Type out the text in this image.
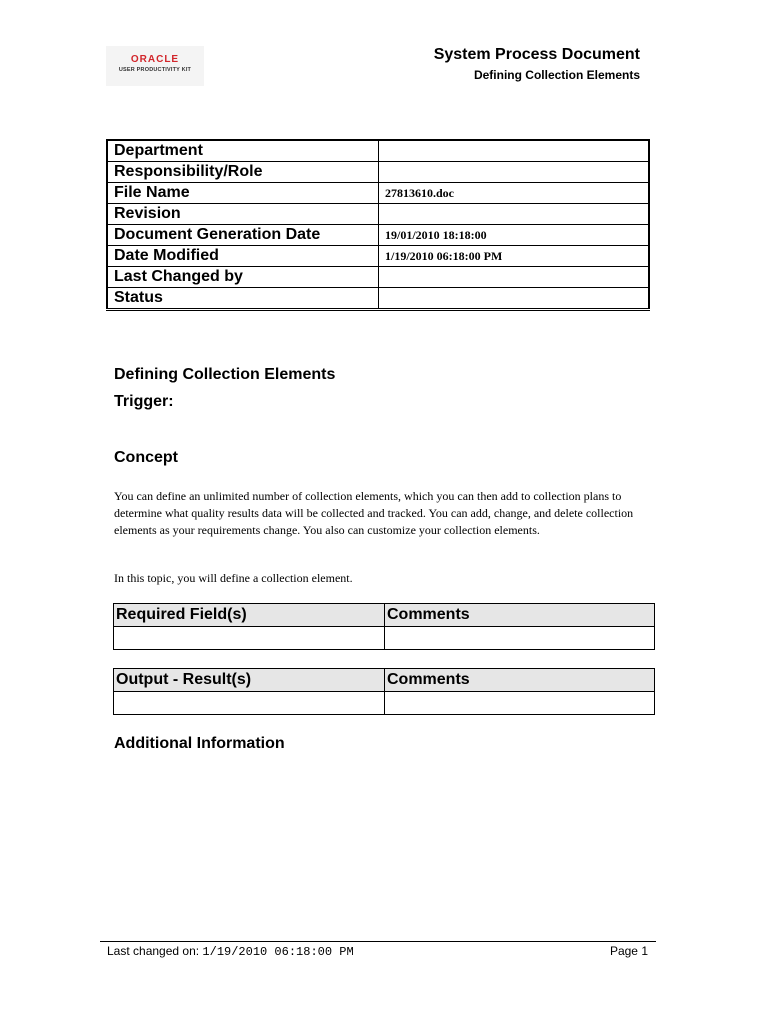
ORACLE
USER PRODUCTIVITY KIT
System Process Document
Defining Collection Elements
Department	
Responsibility/Role	
File Name	27813610.doc
Revision	
Document Generation Date	19/01/2010 18:18:00
Date Modified	1/19/2010 06:18:00 PM
Last Changed by	
Status	
Defining Collection Elements
Trigger:
Concept
You can define an unlimited number of collection elements, which you can then add to collection plans to determine what quality results data will be collected and tracked. You can add, change, and delete collection elements as your requirements change. You also can customize your collection elements.
In this topic, you will define a collection element.
Required Field(s)	Comments

Output - Result(s)	Comments

Additional Information
Last changed on: 1/19/2010 06:18:00 PM	Page 1
